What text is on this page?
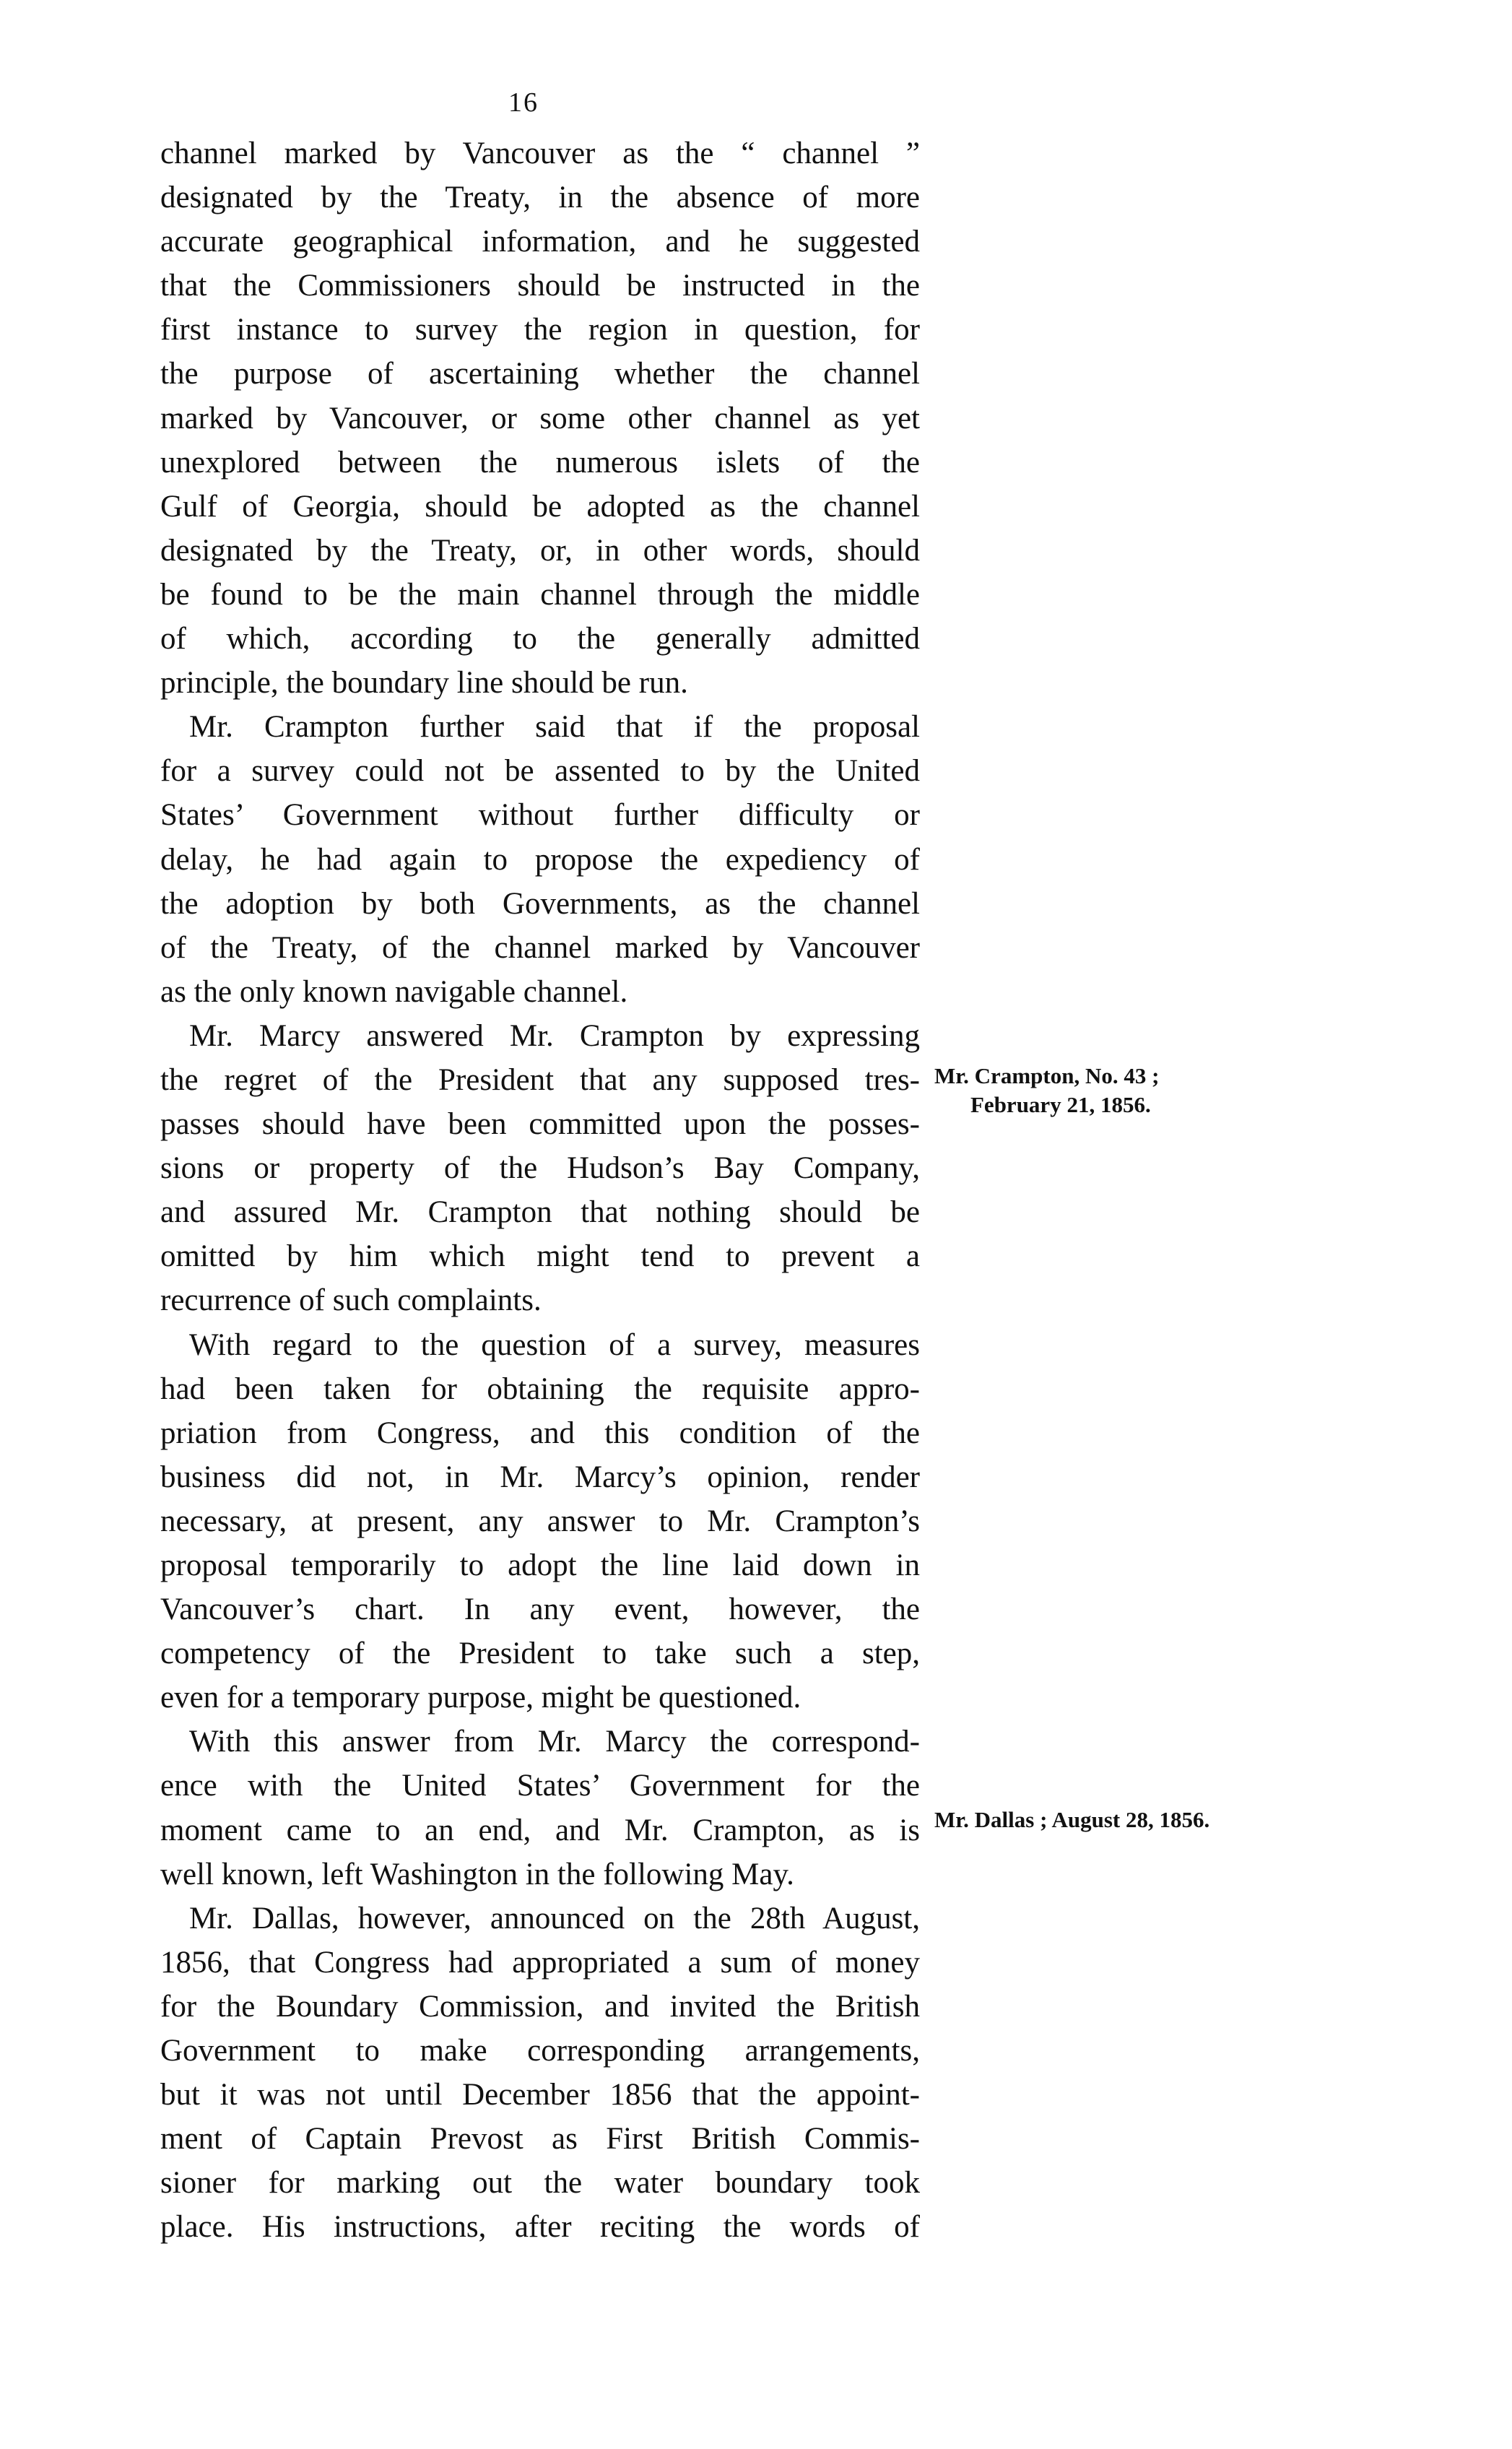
16
channel marked by Vancouver as the “ channel ”
designated by the Treaty, in the absence of more
accurate geographical information, and he suggested
that the Commissioners should be instructed in the
first instance to survey the region in question, for
the purpose of ascertaining whether the channel
marked by Vancouver, or some other channel as yet
unexplored between the numerous islets of the
Gulf of Georgia, should be adopted as the channel
designated by the Treaty, or, in other words, should
be found to be the main channel through the middle
of which, according to the generally admitted
principle, the boundary line should be run.
Mr. Crampton further said that if the proposal
for a survey could not be assented to by the United
States’ Government without further difficulty or
delay, he had again to propose the expediency of
the adoption by both Governments, as the channel
of the Treaty, of the channel marked by Vancouver
as the only known navigable channel.
Mr. Marcy answered Mr. Crampton by expressing
the regret of the President that any supposed tres-
passes should have been committed upon the posses-
sions or property of the Hudson’s Bay Company,
and assured Mr. Crampton that nothing should be
omitted by him which might tend to prevent a
recurrence of such complaints.
With regard to the question of a survey, measures
had been taken for obtaining the requisite appro-
priation from Congress, and this condition of the
business did not, in Mr. Marcy’s opinion, render
necessary, at present, any answer to Mr. Crampton’s
proposal temporarily to adopt the line laid down in
Vancouver’s chart. In any event, however, the
competency of the President to take such a step,
even for a temporary purpose, might be questioned.
With this answer from Mr. Marcy the correspond-
ence with the United States’ Government for the
moment came to an end, and Mr. Crampton, as is
well known, left Washington in the following May.
Mr. Dallas, however, announced on the 28th August,
1856, that Congress had appropriated a sum of money
for the Boundary Commission, and invited the British
Government to make corresponding arrangements,
but it was not until December 1856 that the appoint-
ment of Captain Prevost as First British Commis-
sioner for marking out the water boundary took
place. His instructions, after reciting the words of
Mr. Crampton, No. 43 ;
February 21, 1856.
Mr. Dallas ; August 28, 1856.
